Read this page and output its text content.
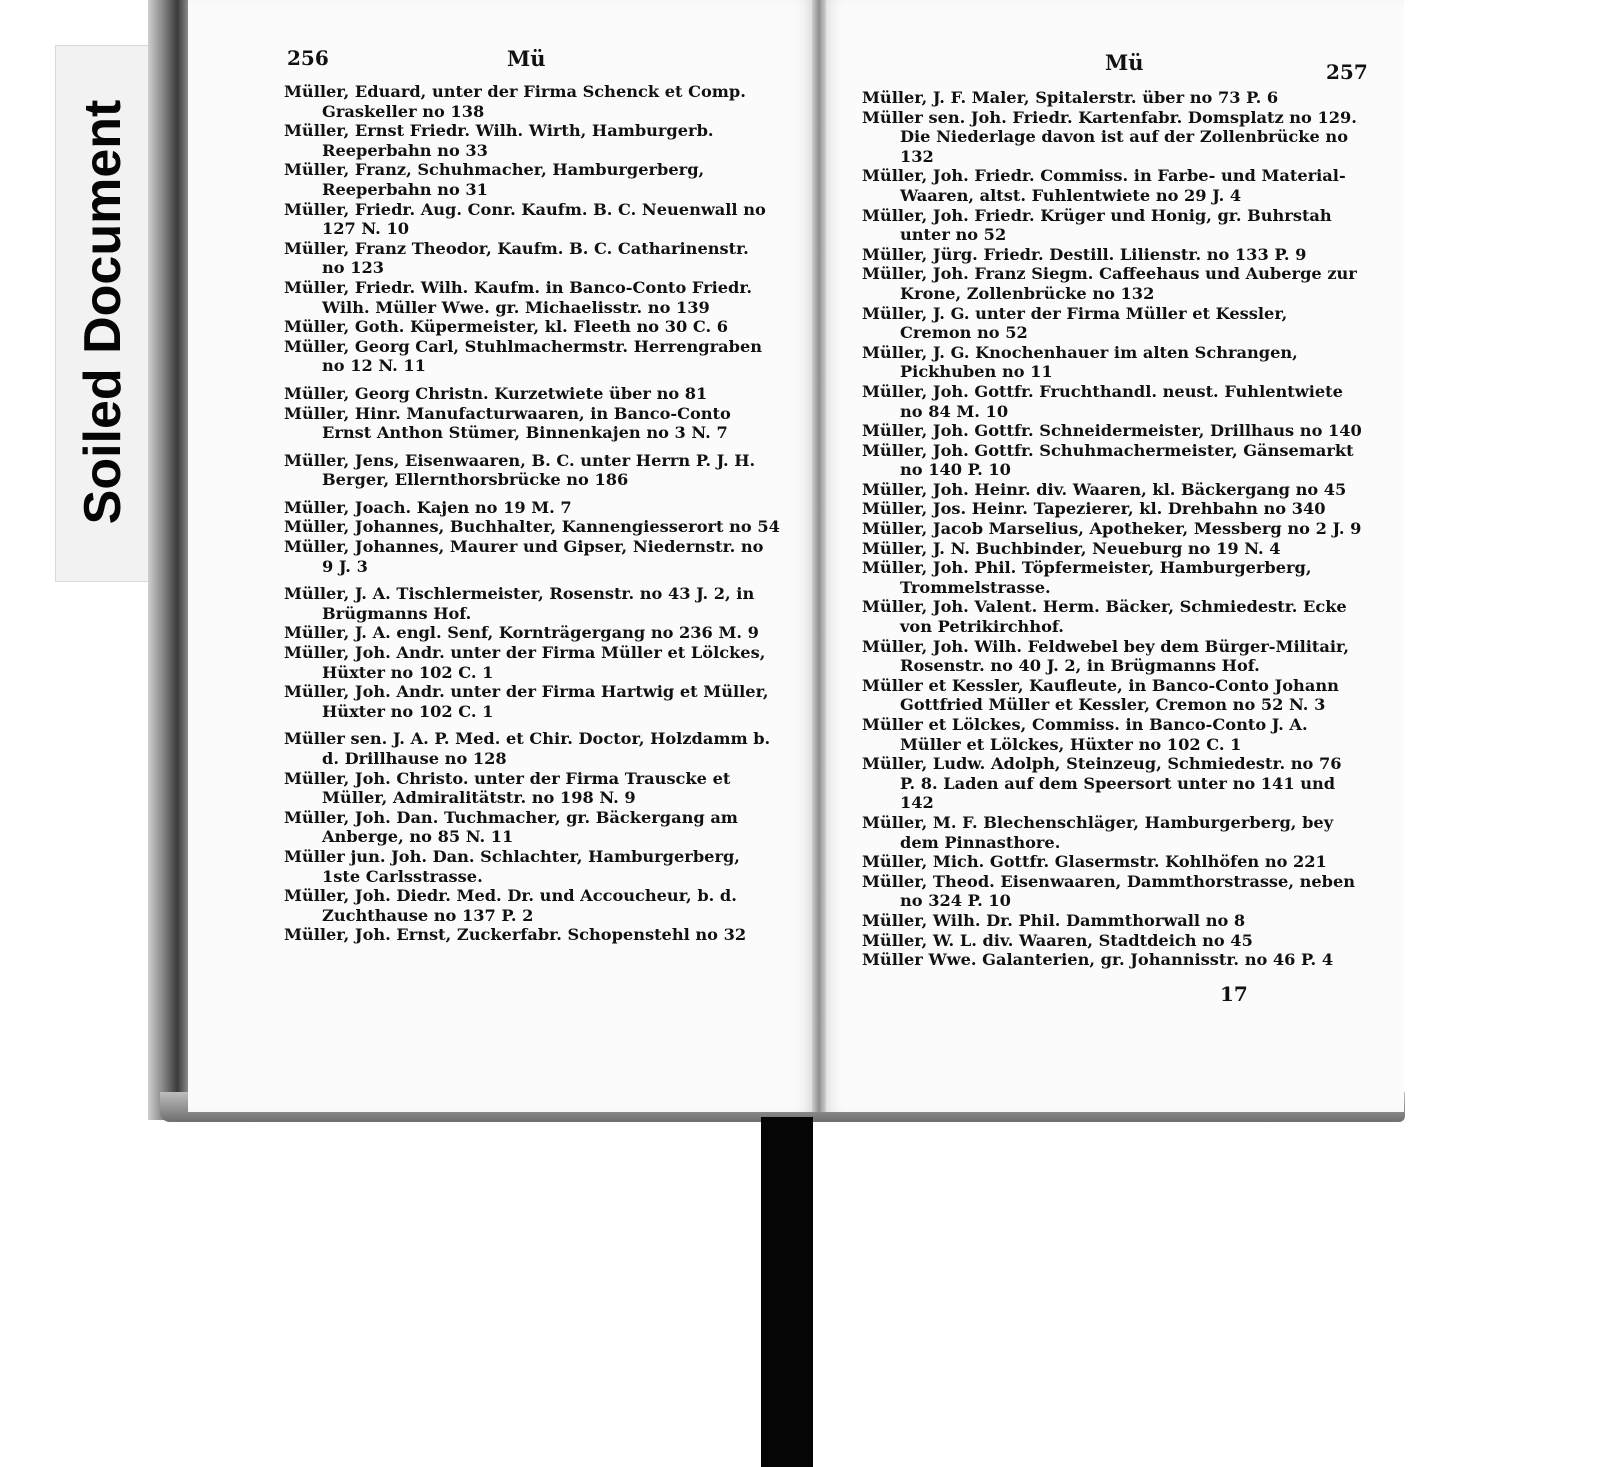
Soiled Document
256	Mü	Mü	257
Müller, Eduard, unter der Firma Schenck et Comp.
Graskeller no 138
Müller, Ernst Friedr. Wilh. Wirth, Hamburgerb. Reeperbahn no 33
Müller, Franz, Schuhmacher, Hamburgerberg, Reeperbahn no 31
Müller, Friedr. Aug. Conr. Kaufm. B. C. Neuenwall no 127 N. 10
Müller, Franz Theodor, Kaufm. B. C. Catharinenstr. no 123
Müller, Friedr. Wilh. Kaufm. in Banco-Conto Friedr. Wilh. Müller Wwe. gr. Michaelisstr. no 139
Müller, Goth. Küpermeister, kl. Fleeth no 30 C. 6
Müller, Georg Carl, Stuhlmachermstr. Herrengraben no 12 N. 11
Müller, Georg Christn. Kurzetwiete über no 81
Müller, Hinr. Manufacturwaaren, in Banco-Conto Ernst Anthon Stümer, Binnenkajen no 3 N. 7
Müller, Jens, Eisenwaaren, B. C. unter Herrn P. J. H. Berger, Ellernthorsbrücke no 186
Müller, Joach. Kajen no 19 M. 7
Müller, Johannes, Buchhalter, Kannengiesserort no 54
Müller, Johannes, Maurer und Gipser, Niedernstr. no 9 J. 3
Müller, J. A. Tischlermeister, Rosenstr. no 43 J. 2, in Brügmanns Hof.
Müller, J. A. engl. Senf, Kornträgergang no 236 M. 9
Müller, Joh. Andr. unter der Firma Müller et Lölckes, Hüxter no 102 C. 1
Müller, Joh. Andr. unter der Firma Hartwig et Müller, Hüxter no 102 C. 1
Müller sen. J. A. P. Med. et Chir. Doctor, Holzdamm b. d. Drillhause no 128
Müller, Joh. Christo. unter der Firma Trauscke et Müller, Admiralitätstr. no 198 N. 9
Müller, Joh. Dan. Tuchmacher, gr. Bäckergang am Anberge, no 85 N. 11
Müller jun. Joh. Dan. Schlachter, Hamburgerberg, 1ste Carlsstrasse.
Müller, Joh. Diedr. Med. Dr. und Accoucheur, b. d. Zuchthause no 137 P. 2
Müller, Joh. Ernst, Zuckerfabr. Schopenstehl no 32
Müller, J. F. Maler, Spitalerstr. über no 73 P. 6
Müller sen. Joh. Friedr. Kartenfabr. Domsplatz no 129. Die Niederlage davon ist auf der Zollenbrücke no 132
Müller, Joh. Friedr. Commiss. in Farbe- und Material-Waaren, altst. Fuhlentwiete no 29 J. 4
Müller, Joh. Friedr. Krüger und Honig, gr. Buhrstah unter no 52
Müller, Jürg. Friedr. Destill. Lilienstr. no 133 P. 9
Müller, Joh. Franz Siegm. Caffeehaus und Auberge zur Krone, Zollenbrücke no 132
Müller, J. G. unter der Firma Müller et Kessler, Cremon no 52
Müller, J. G. Knochenhauer im alten Schrangen, Pickhuben no 11
Müller, Joh. Gottfr. Fruchthandl. neust. Fuhlentwiete no 84 M. 10
Müller, Joh. Gottfr. Schneidermeister, Drillhaus no 140
Müller, Joh. Gottfr. Schuhmachermeister, Gänsemarkt no 140 P. 10
Müller, Joh. Heinr. div. Waaren, kl. Bäckergang no 45
Müller, Jos. Heinr. Tapezierer, kl. Drehbahn no 340
Müller, Jacob Marselius, Apotheker, Messberg no 2 J. 9
Müller, J. N. Buchbinder, Neueburg no 19 N. 4
Müller, Joh. Phil. Töpfermeister, Hamburgerberg, Trommelstrasse.
Müller, Joh. Valent. Herm. Bäcker, Schmiedestr. Ecke von Petrikirchhof.
Müller, Joh. Wilh. Feldwebel bey dem Bürger-Militair, Rosenstr. no 40 J. 2, in Brügmanns Hof.
Müller et Kessler, Kaufleute, in Banco-Conto Johann Gottfried Müller et Kessler, Cremon no 52 N. 3
Müller et Lölckes, Commiss. in Banco-Conto J. A. Müller et Lölckes, Hüxter no 102 C. 1
Müller, Ludw. Adolph, Steinzeug, Schmiedestr. no 76 P. 8. Laden auf dem Speersort unter no 141 und 142
Müller, M. F. Blechenschläger, Hamburgerberg, bey dem Pinnasthore.
Müller, Mich. Gottfr. Glasermstr. Kohlhöfen no 221
Müller, Theod. Eisenwaaren, Dammthorstrasse, neben no 324 P. 10
Müller, Wilh. Dr. Phil. Dammthorwall no 8
Müller, W. L. div. Waaren, Stadtdeich no 45
Müller Wwe. Galanterien, gr. Johannisstr. no 46 P. 4
17
